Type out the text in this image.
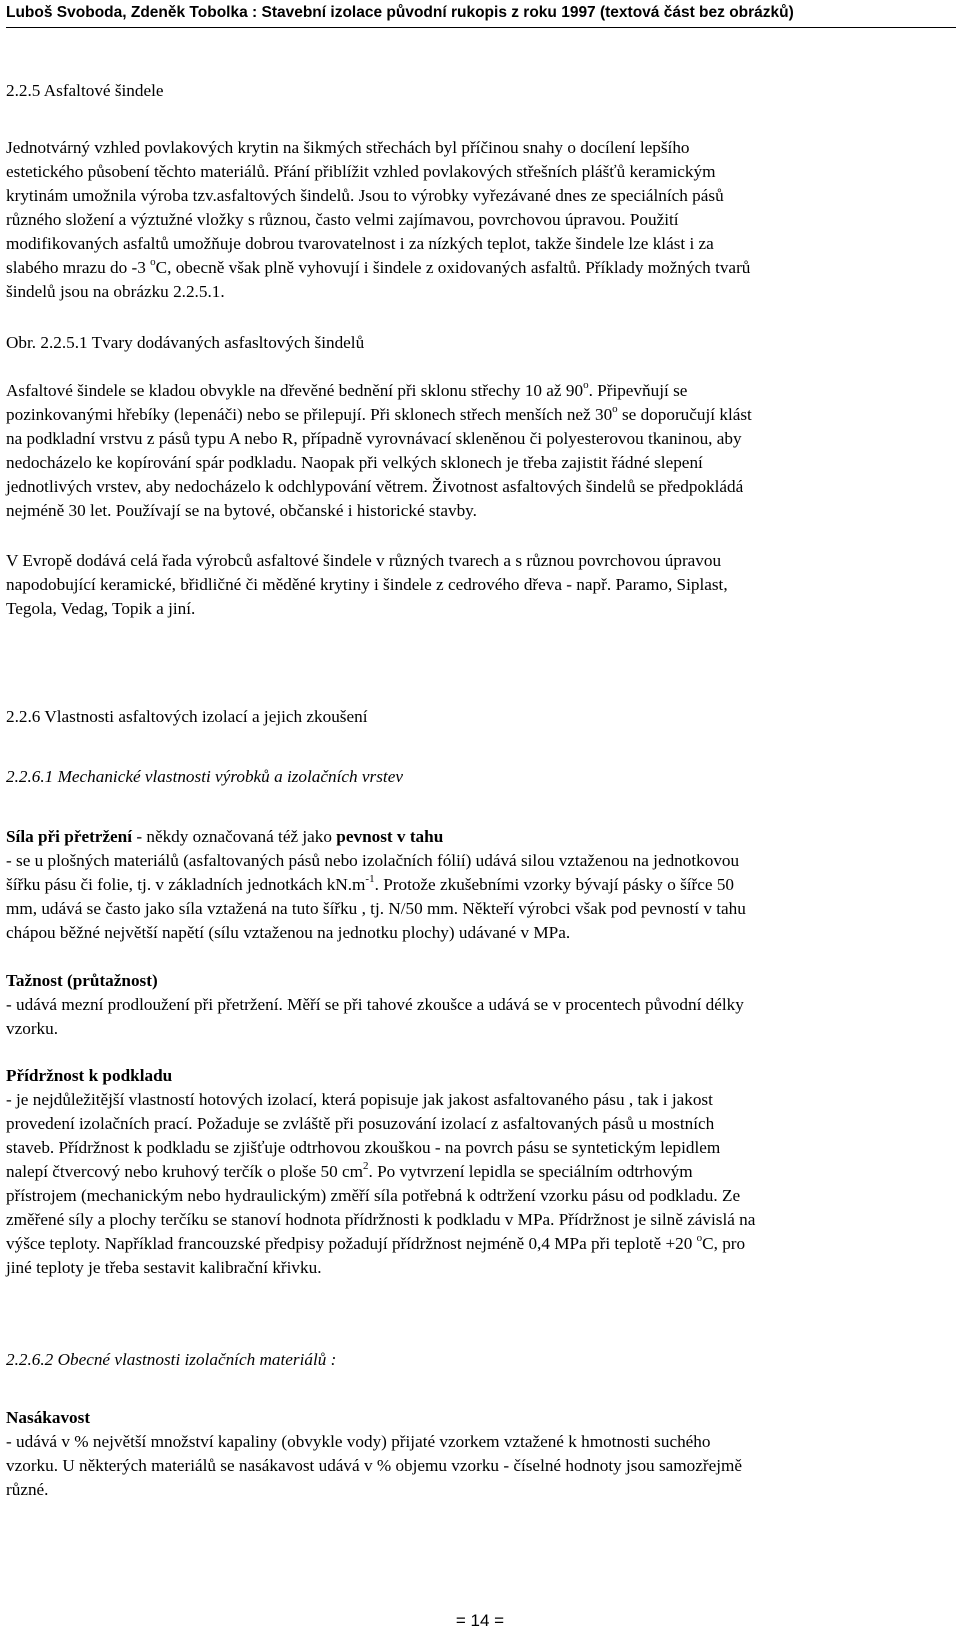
Luboš Svoboda, Zdeněk Tobolka : Stavební izolace původní rukopis z roku 1997 (textová část bez obrázků)
2.2.5 Asfaltové šindele
Jednotvárný vzhled povlakových krytin na šikmých střechách byl příčinou snahy o docílení lepšího
estetického působení těchto materiálů. Přání přiblížit vzhled povlakových střešních plášťů keramickým
krytinám umožnila výroba tzv.asfaltových šindelů. Jsou to výrobky vyřezávané dnes ze speciálních pásů
různého složení a výztužné vložky s různou, často velmi zajímavou, povrchovou úpravou. Použití
modifikovaných asfaltů umožňuje dobrou tvarovatelnost i za nízkých teplot, takže šindele lze klást i za
slabého mrazu do -3 $^o$C, obecně však plně vyhovují i šindele z oxidovaných asfaltů. Příklady možných tvarů
šindelů jsou na obrázku 2.2.5.1.
Obr. 2.2.5.1 Tvary dodávaných asfasltových šindelů
Asfaltové šindele se kladou obvykle na dřevěné bednění při sklonu střechy 10 až 90$^o$. Připevňují se
pozinkovanými hřebíky (lepenáči) nebo se přilepují. Při sklonech střech menších než 30$^o$ se doporučují klást
na podkladní vrstvu z pásů typu A nebo R, případně vyrovnávací skleněnou či polyesterovou tkaninou, aby
nedocházelo ke kopírování spár podkladu. Naopak při velkých sklonech je třeba zajistit řádné slepení
jednotlivých vrstev, aby nedocházelo k odchlypování větrem. Životnost asfaltových šindelů se předpokládá
nejméně 30 let. Používají se na bytové, občanské i historické stavby.
V Evropě dodává celá řada výrobců asfaltové šindele v různých tvarech a s různou povrchovou úpravou
napodobující keramické, břidličné či měděné krytiny i šindele z cedrového dřeva - např. Paramo, Siplast,
Tegola, Vedag, Topik a jiní.
2.2.6 Vlastnosti asfaltových izolací a jejich zkoušení
2.2.6.1 Mechanické vlastnosti výrobků a izolačních vrstev
Síla při přetržení - někdy označovaná též jako pevnost v tahu
- se u plošných materiálů (asfaltovaných pásů nebo izolačních fólií) udává silou vztaženou na jednotkovou
šířku pásu či folie, tj. v základních jednotkách $kN.m^{-1}$. Protože zkušebními vzorky bývají pásky o šířce 50
mm, udává se často jako síla vztažená na tuto šířku , tj. N/50 mm. Někteří výrobci však pod pevností v tahu
chápou běžné největší napětí (sílu vztaženou na jednotku plochy) udávané v MPa.
Tažnost (průtažnost)
- udává mezní prodloužení při přetržení. Měří se při tahové zkoušce a udává se v procentech původní délky
vzorku.
Přídržnost k podkladu
- je nejdůležitější vlastností hotových izolací, která popisuje jak jakost asfaltovaného pásu , tak i jakost
provedení izolačních prací. Požaduje se zvláště při posuzování izolací z asfaltovaných pásů u mostních
staveb. Přídržnost k podkladu se zjišťuje odtrhovou zkouškou - na povrch pásu se syntetickým lepidlem
nalepí čtvercový nebo kruhový terčík o ploše 50 $cm^2$. Po vytvrzení lepidla se speciálním odtrhovým
přístrojem (mechanickým nebo hydraulickým) změří síla potřebná k odtržení vzorku pásu od podkladu. Ze
změřené síly a plochy terčíku se stanoví hodnota přídržnosti k podkladu v MPa. Přídržnost je silně závislá na
výšce teploty. Například francouzské předpisy požadují přídržnost nejméně 0,4 MPa při teplotě +20 $^o$C, pro
jiné teploty je třeba sestavit kalibrační křivku.
2.2.6.2 Obecné vlastnosti izolačních materiálů :
Nasákavost
- udává v % největší množství kapaliny (obvykle vody) přijaté vzorkem vztažené k hmotnosti suchého
vzorku. U některých materiálů se nasákavost udává v % objemu vzorku - číselné hodnoty jsou samozřejmě
různé.
= 14 =
